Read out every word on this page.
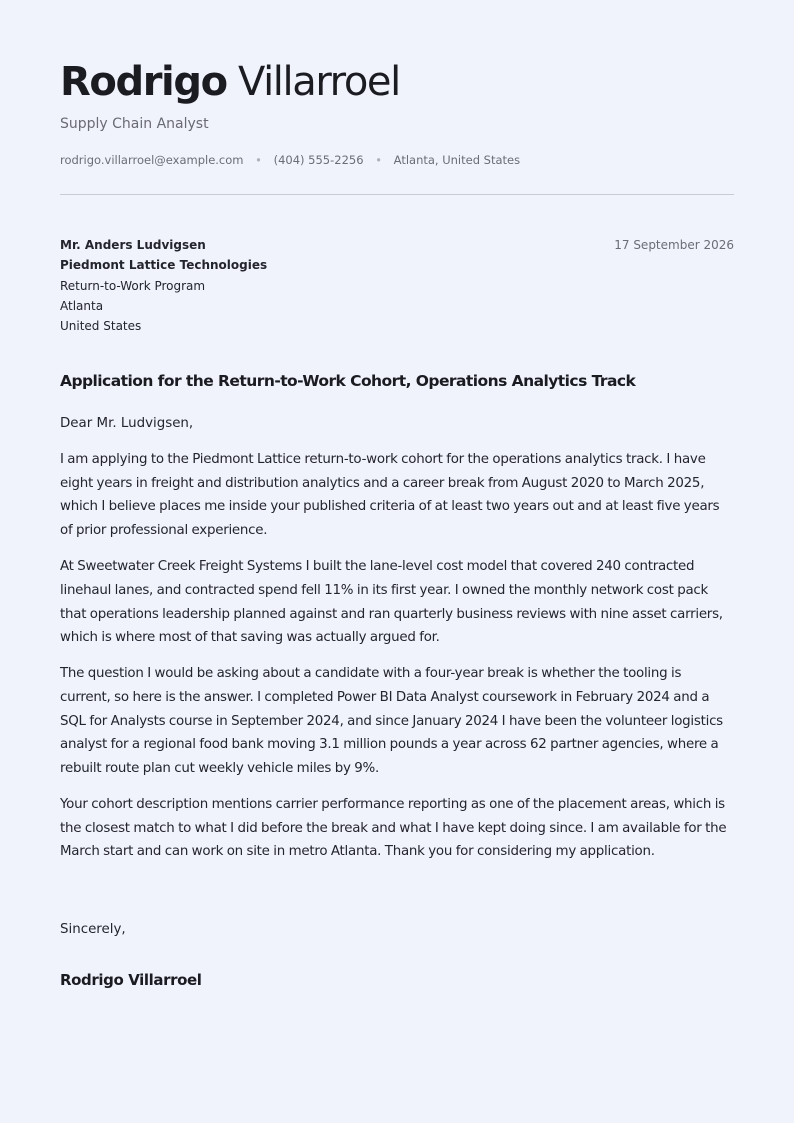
Rodrigo Villarroel
Supply Chain Analyst
rodrigo.villarroel@example.com • (404) 555-2256 • Atlanta, United States
Mr. Anders Ludvigsen
Piedmont Lattice Technologies
Return-to-Work Program
Atlanta
United States
17 September 2026
Application for the Return-to-Work Cohort, Operations Analytics Track
Dear Mr. Ludvigsen,

I am applying to the Piedmont Lattice return-to-work cohort for the operations analytics track. I have eight years in freight and distribution analytics and a career break from August 2020 to March 2025, which I believe places me inside your published criteria of at least two years out and at least five years of prior professional experience.

At Sweetwater Creek Freight Systems I built the lane-level cost model that covered 240 contracted linehaul lanes, and contracted spend fell 11% in its first year. I owned the monthly network cost pack that operations leadership planned against and ran quarterly business reviews with nine asset carriers, which is where most of that saving was actually argued for.

The question I would be asking about a candidate with a four-year break is whether the tooling is current, so here is the answer. I completed Power BI Data Analyst coursework in February 2024 and a SQL for Analysts course in September 2024, and since January 2024 I have been the volunteer logistics analyst for a regional food bank moving 3.1 million pounds a year across 62 partner agencies, where a rebuilt route plan cut weekly vehicle miles by 9%.

Your cohort description mentions carrier performance reporting as one of the placement areas, which is the closest match to what I did before the break and what I have kept doing since. I am available for the March start and can work on site in metro Atlanta. Thank you for considering my application.

Sincerely,
Rodrigo Villarroel
